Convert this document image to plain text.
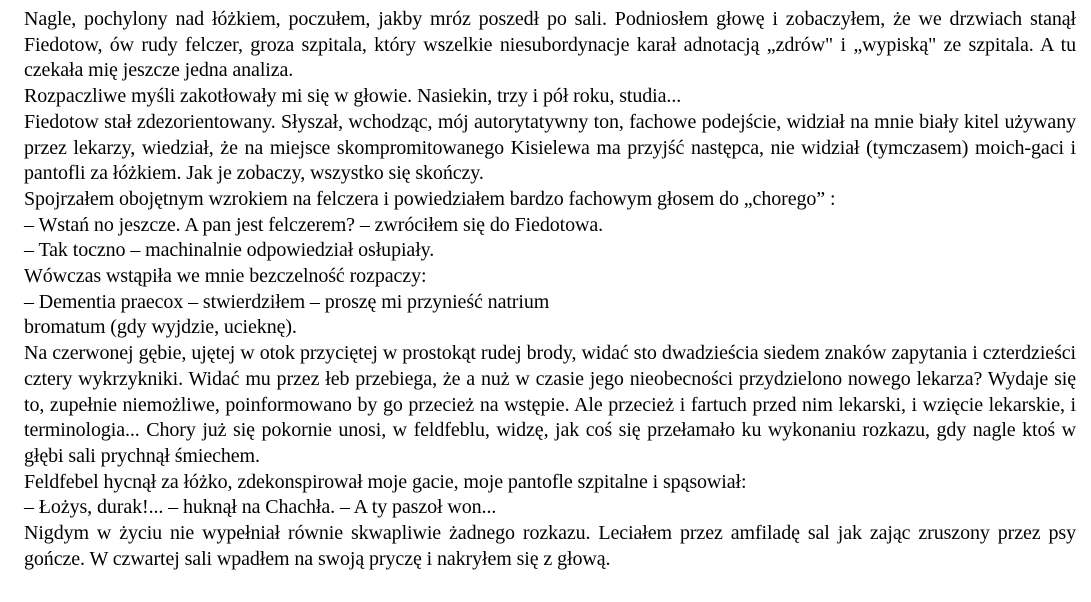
Nagle, pochylony nad łóżkiem, poczułem, jakby mróz poszedł po sali. Podniosłem głowę i zobaczyłem, że we drzwiach stanął Fiedotow, ów rudy felczer, groza szpitala, który wszelkie niesubordynacje karał adnotacją „zdrów" i „wypiską" ze szpitala. A tu czekała mię jeszcze jedna analiza.

Rozpaczliwe myśli zakotłowały mi się w głowie. Nasiekin, trzy i pół roku, studia...

Fiedotow stał zdezorientowany. Słyszał, wchodząc, mój autorytatywny ton, fachowe podejście, widział na mnie biały kitel używany przez lekarzy, wiedział, że na miejsce skompromitowanego Kisielewa ma przyjść następca, nie widział (tymczasem) moich-gaci i pantofli za łóżkiem. Jak je zobaczy, wszystko się skończy.

Spojrzałem obojętnym wzrokiem na felczera i powiedziałem bardzo fachowym głosem do „chorego” :

– Wstań no jeszcze. A pan jest felczerem? – zwróciłem się do Fiedotowa.

– Tak toczno – machinalnie odpowiedział osłupiały.

Wówczas wstąpiła we mnie bezczelność rozpaczy:

– Dementia praecox – stwierdziłem – proszę mi przynieść natrium

bromatum (gdy wyjdzie, ucieknę).

Na czerwonej gębie, ujętej w otok przyciętej w prostokąt rudej brody, widać sto dwadzieścia siedem znaków zapytania i czterdzieści cztery wykrzykniki. Widać mu przez łeb przebiega, że a nuż w czasie jego nieobecności przydzielono nowego lekarza? Wydaje się to, zupełnie niemożliwe, poinformowano by go przecież na wstępie. Ale przecież i fartuch przed nim lekarski, i wzięcie lekarskie, i terminologia... Chory już się pokornie unosi, w feldfeblu, widzę, jak coś się przełamało ku wykonaniu rozkazu, gdy nagle ktoś w głębi sali prychnął śmiechem.

Feldfebel hycnął za łóżko, zdekonspirował moje gacie, moje pantofle szpitalne i spąsowiał:

– Łożys, durak!... – huknął na Chachła. – A ty paszoł won...

Nigdym w życiu nie wypełniał równie skwapliwie żadnego rozkazu. Leciałem przez amfiladę sal jak zając zruszony przez psy gończe. W czwartej sali wpadłem na swoją pryczę i nakryłem się z głową.
